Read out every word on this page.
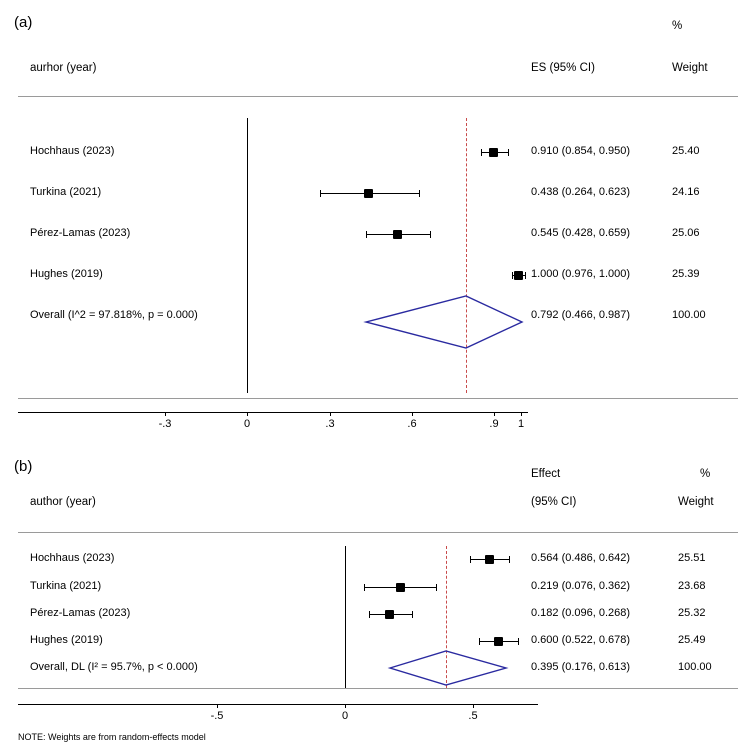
(a)	%
aurhor (year)	ES (95% CI)	Weight
Hochhaus (2023)	0.910 (0.854, 0.950)	25.40
Turkina (2021)	0.438 (0.264, 0.623)	24.16
Pérez-Lamas (2023)	0.545 (0.428, 0.659)	25.06
Hughes (2019)	1.000 (0.976, 1.000)	25.39
Overall (I^2 = 97.818%, p = 0.000)	0.792 (0.466, 0.987)	100.00
-.3	0	.3	.6	.9	1
(b)	Effect	%
author (year)	(95% CI)	Weight
Hochhaus (2023)	0.564 (0.486, 0.642)	25.51
Turkina (2021)	0.219 (0.076, 0.362)	23.68
Pérez-Lamas (2023)	0.182 (0.096, 0.268)	25.32
Hughes (2019)	0.600 (0.522, 0.678)	25.49
Overall, DL (I² = 95.7%, p < 0.000)	0.395 (0.176, 0.613)	100.00
-.5	0	.5
NOTE: Weights are from random-effects model
